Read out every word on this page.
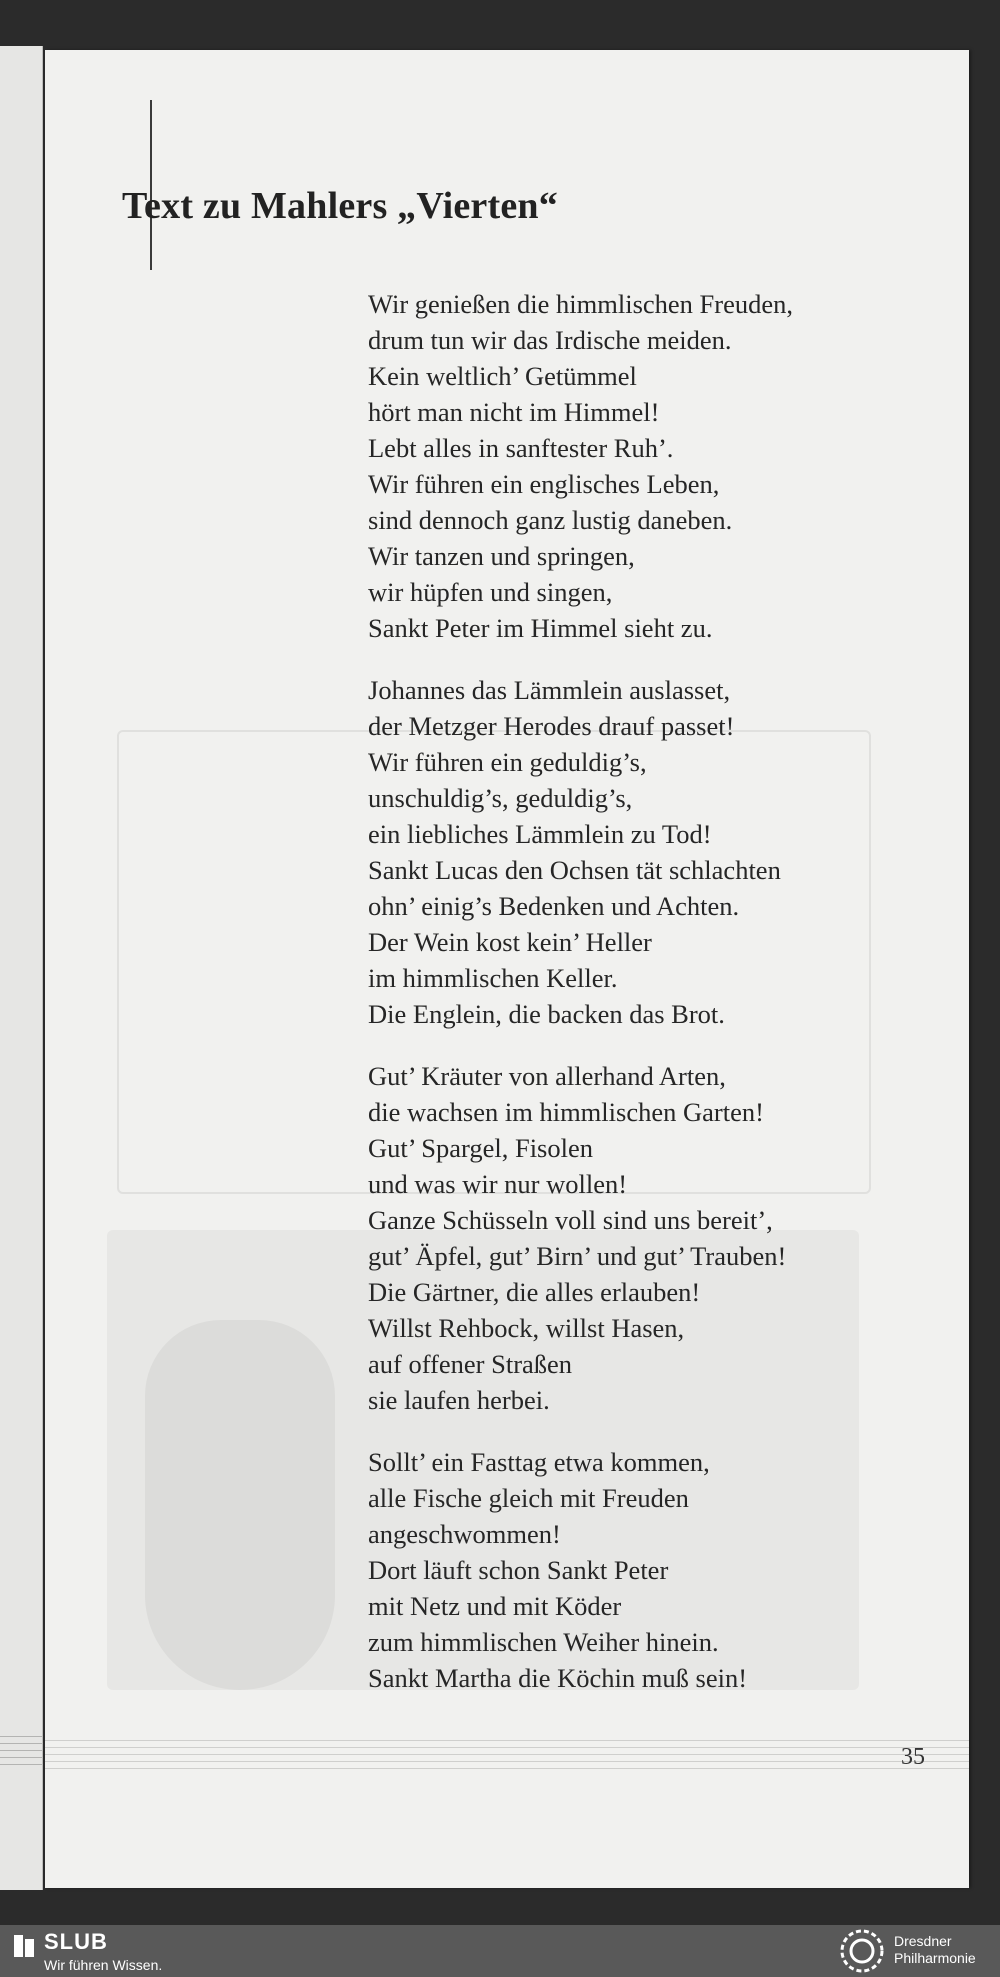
Text zu Mahlers „Vierten“
Wir genießen die himmlischen Freuden,
drum tun wir das Irdische meiden.
Kein weltlich’ Getümmel
hört man nicht im Himmel!
Lebt alles in sanftester Ruh’.
Wir führen ein englisches Leben,
sind dennoch ganz lustig daneben.
Wir tanzen und springen,
wir hüpfen und singen,
Sankt Peter im Himmel sieht zu.
Johannes das Lämmlein auslasset,
der Metzger Herodes drauf passet!
Wir führen ein geduldig’s,
unschuldig’s, geduldig’s,
ein liebliches Lämmlein zu Tod!
Sankt Lucas den Ochsen tät schlachten
ohn’ einig’s Bedenken und Achten.
Der Wein kost kein’ Heller
im himmlischen Keller.
Die Englein, die backen das Brot.
Gut’ Kräuter von allerhand Arten,
die wachsen im himmlischen Garten!
Gut’ Spargel, Fisolen
und was wir nur wollen!
Ganze Schüsseln voll sind uns bereit’,
gut’ Äpfel, gut’ Birn’ und gut’ Trauben!
Die Gärtner, die alles erlauben!
Willst Rehbock, willst Hasen,
auf offener Straßen
sie laufen herbei.
Sollt’ ein Fasttag etwa kommen,
alle Fische gleich mit Freuden
angeschwommen!
Dort läuft schon Sankt Peter
mit Netz und mit Köder
zum himmlischen Weiher hinein.
Sankt Martha die Köchin muß sein!
35
SLUB
Wir führen Wissen.
Dresdner
Philharmonie
